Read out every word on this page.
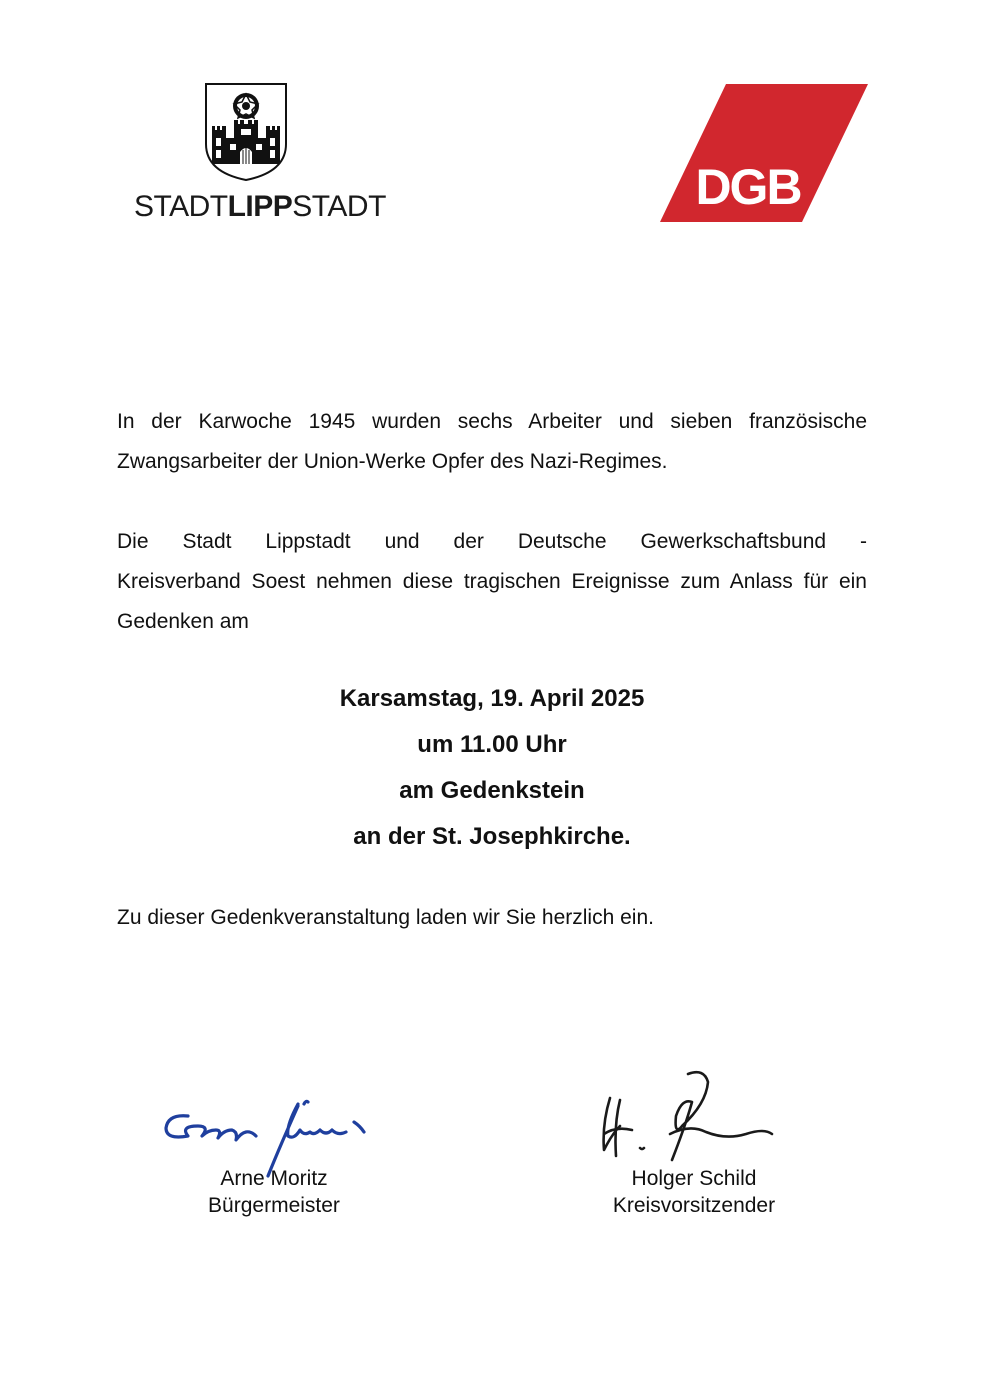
STADTLIPPSTADT	DGB

In der Karwoche 1945 wurden sechs Arbeiter und sieben französische Zwangsarbeiter der Union-Werke Opfer des Nazi-Regimes.

Die Stadt Lippstadt und der Deutsche Gewerkschaftsbund -
Kreisverband Soest nehmen diese tragischen Ereignisse zum Anlass für ein Gedenken am
Karsamstag, 19. April 2025
um 11.00 Uhr
am Gedenkstein
an der St. Josephkirche.

Zu dieser Gedenkveranstaltung laden wir Sie herzlich ein.

Arne Moritz
Bürgermeister
Holger Schild
Kreisvorsitzender
